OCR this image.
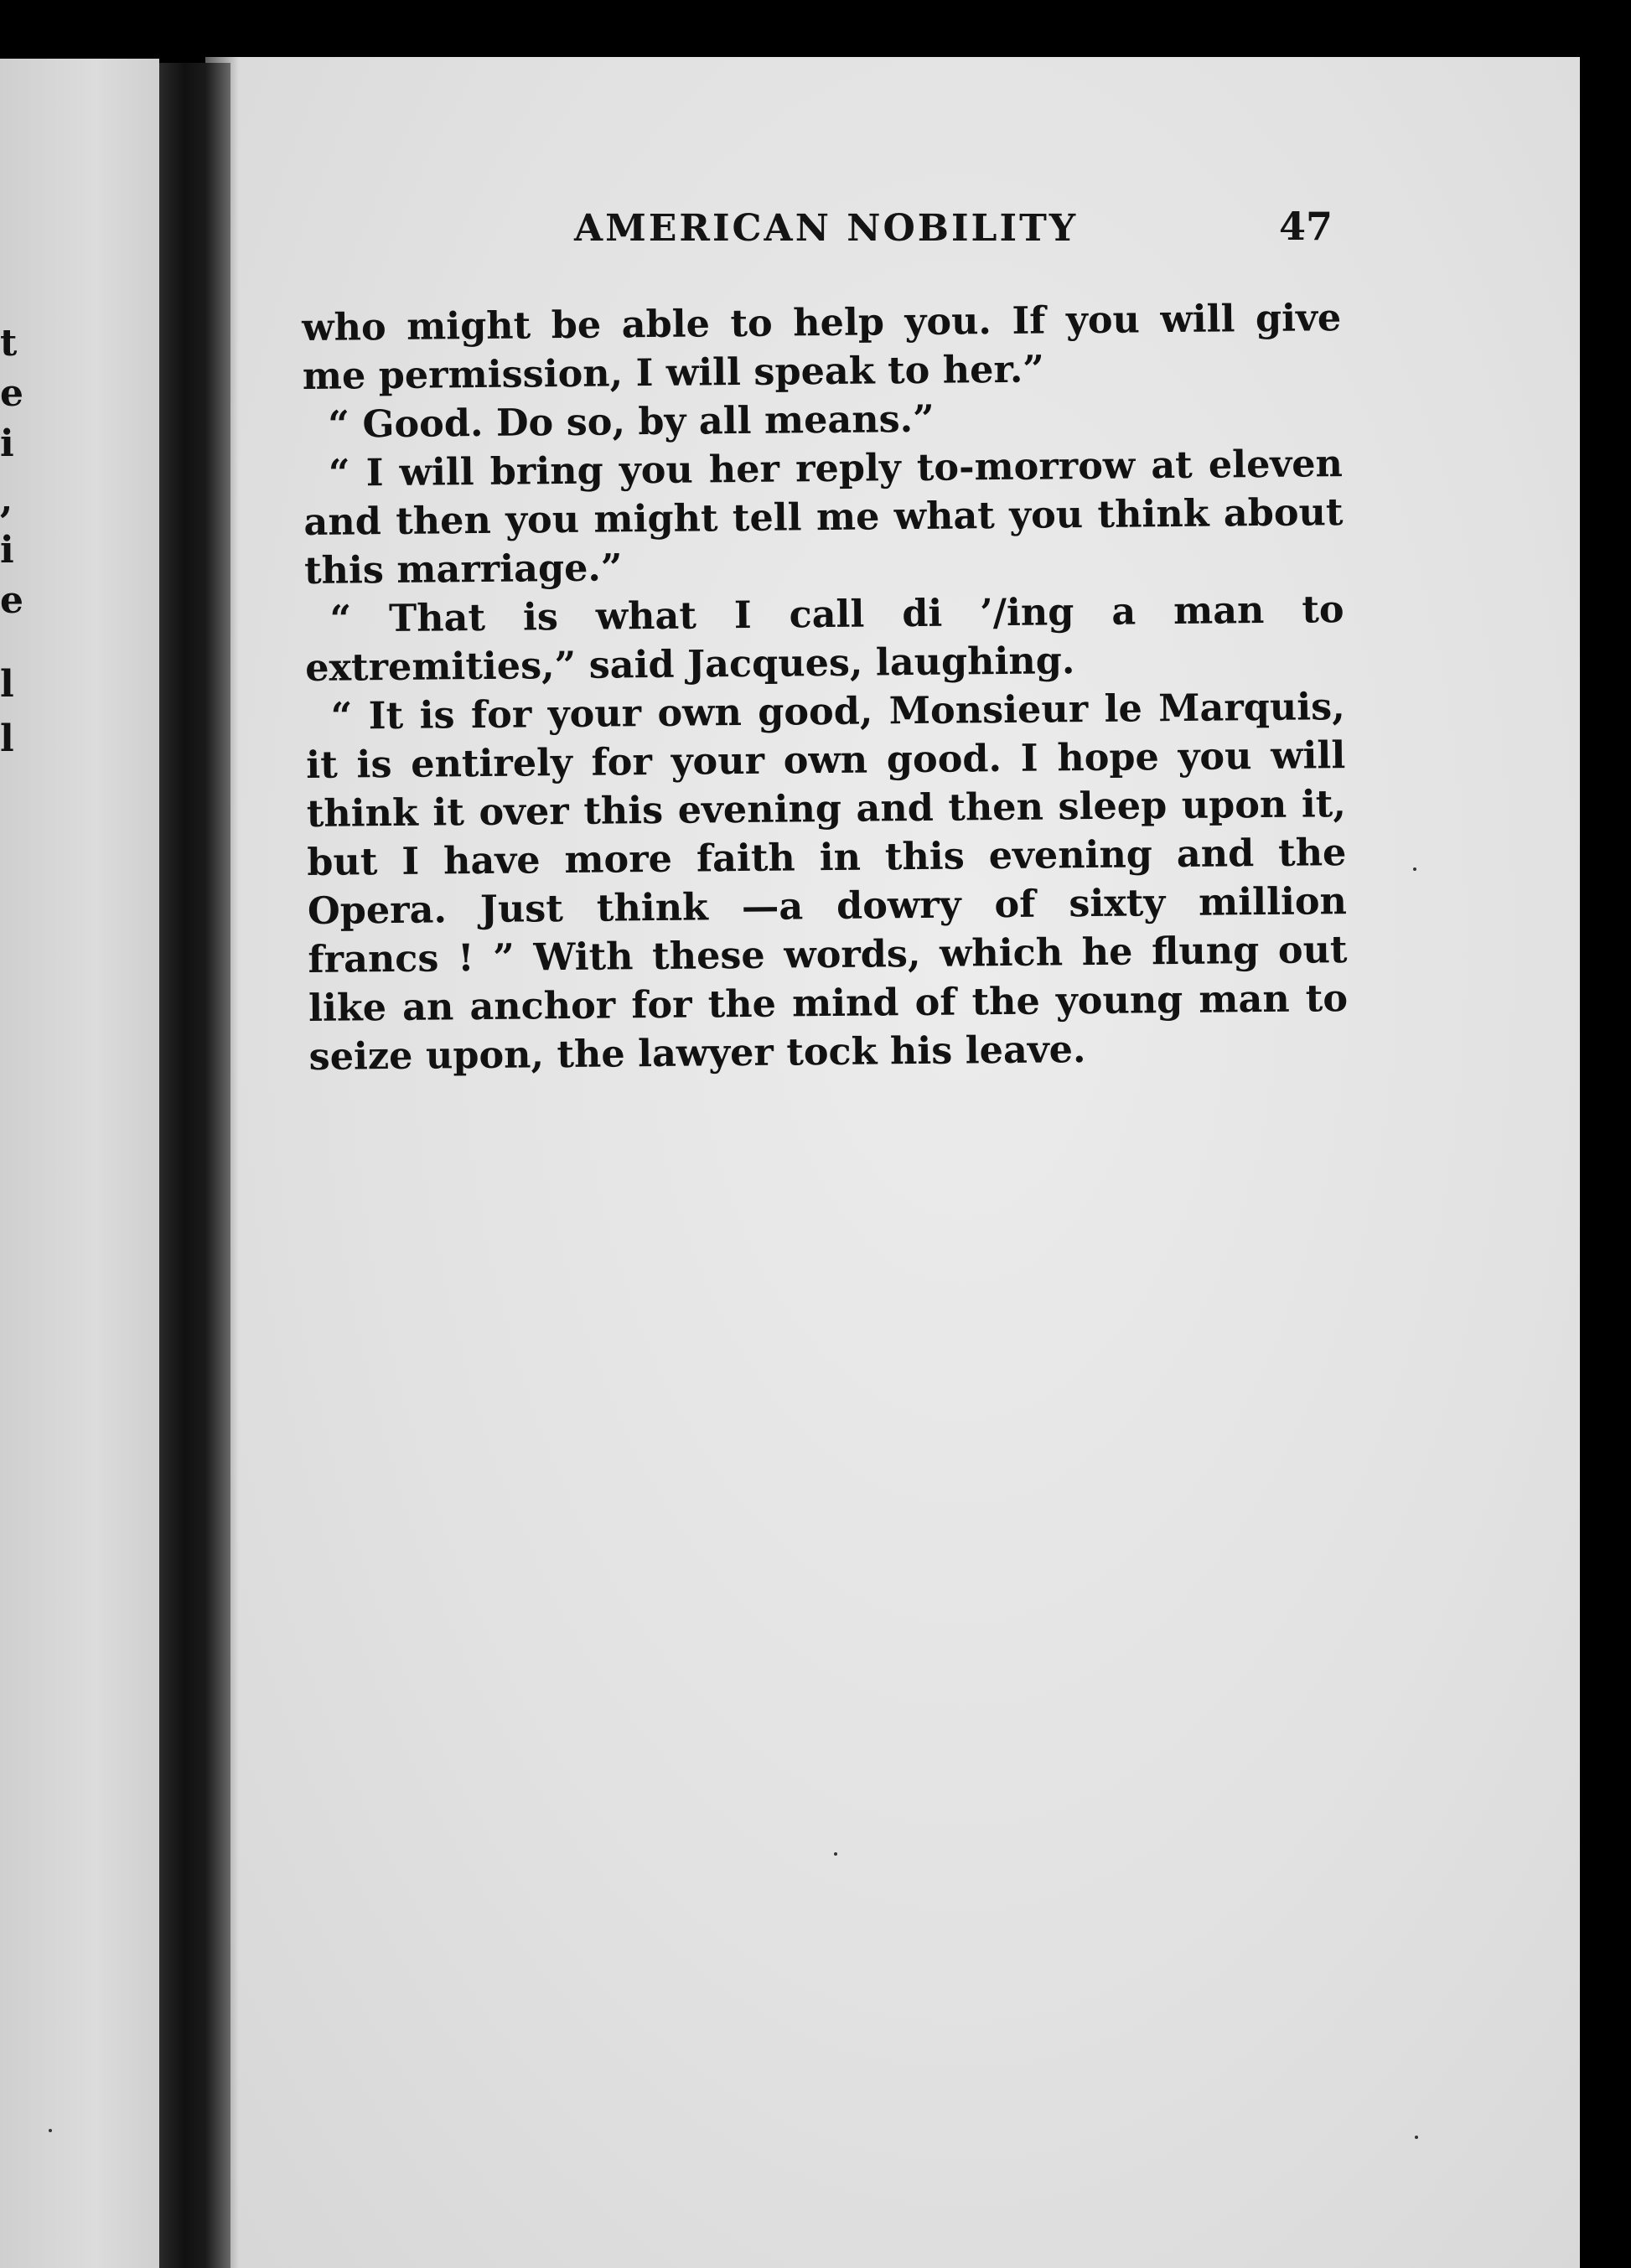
t
e
i
,
i
e
l
l
AMERICAN NOBILITY	47

who might be able to help you. If you will give me permission, I will speak to her.”

“ Good. Do so, by all means.”

“ I will bring you her reply to-morrow at eleven and then you might tell me what you think about this marriage.”

“ That is what I call di ’/ing a man to extremities,” said Jacques, laughing.

“ It is for your own good, Monsieur le Marquis, it is entirely for your own good. I hope you will think it over this evening and then sleep upon it, but I have more faith in this evening and the Opera. Just think —a dowry of sixty million francs ! ” With these words, which he flung out like an anchor for the mind of the young man to seize upon, the lawyer tock his leave.
